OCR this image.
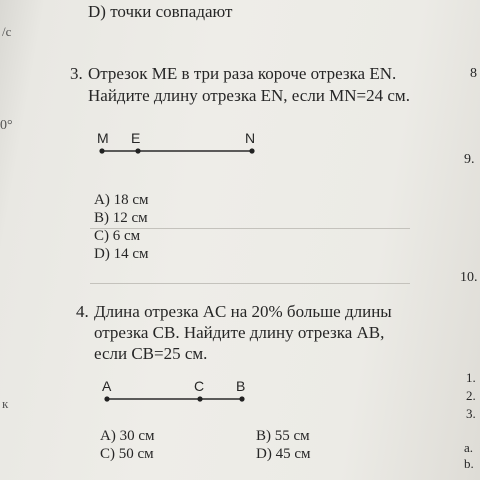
/с
0°
к
8
9.
10.
1.
2.
3.
a.
b.
D) точки совпадают
3. Отрезок ME в три раза короче отрезка EN.
Найдите длину отрезка EN, если MN=24 см.
M E	N
A) 18 см
B) 12 см
C) 6 см
D) 14 см
4. Длина отрезка AC на 20% больше длины
отрезка CB. Найдите длину отрезка AB,
если CB=25 см.
A	C B
A) 30 см	B) 55 см
C) 50 см	D) 45 см
